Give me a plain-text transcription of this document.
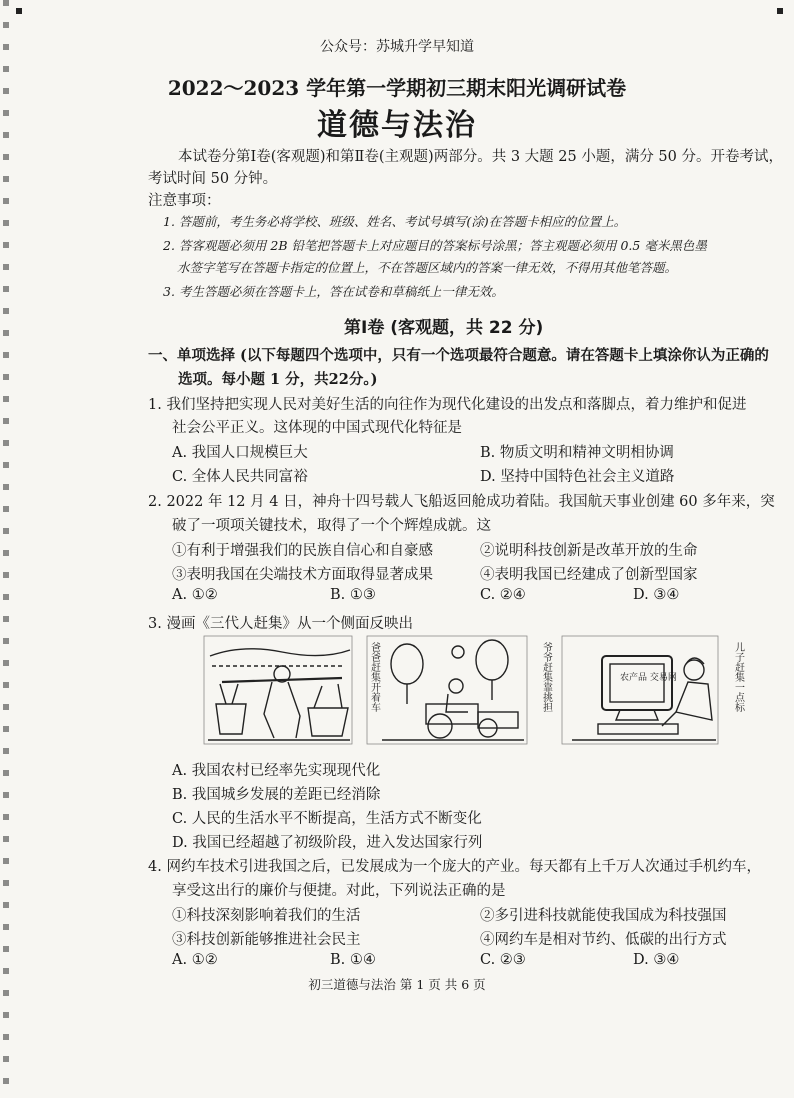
公众号：苏城升学早知道
2022～2023 学年第一学期初三期末阳光调研试卷
道德与法治
本试卷分第Ⅰ卷(客观题)和第Ⅱ卷(主观题)两部分。共 3 大题 25 小题，满分 50 分。开卷考试，
考试时间 50 分钟。
注意事项：
1. 答题前，考生务必将学校、班级、姓名、考试号填写(涂)在答题卡相应的位置上。
2. 答客观题必须用 2B 铅笔把答题卡上对应题目的答案标号涂黑；答主观题必须用 0.5 毫米黑色墨
水签字笔写在答题卡指定的位置上，不在答题区域内的答案一律无效，不得用其他笔答题。
3. 考生答题必须在答题卡上，答在试卷和草稿纸上一律无效。
第Ⅰ卷 (客观题，共 22 分)
一、单项选择 (以下每题四个选项中，只有一个选项最符合题意。请在答题卡上填涂你认为正确的
选项。每小题 1 分，共22分。)
1. 我们坚持把实现人民对美好生活的向往作为现代化建设的出发点和落脚点，着力维护和促进
社会公平正义。这体现的中国式现代化特征是
A. 我国人口规模巨大	B. 物质文明和精神文明相协调
C. 全体人民共同富裕	D. 坚持中国特色社会主义道路
2. 2022 年 12 月 4 日，神舟十四号载人飞船返回舱成功着陆。我国航天事业创建 60 多年来，突
破了一项项关键技术，取得了一个个辉煌成就。这
①有利于增强我们的民族自信心和自豪感	②说明科技创新是改革开放的生命
③表明我国在尖端技术方面取得显著成果	④表明我国已经建成了创新型国家
A. ①②	B. ①③	C. ②④	D. ③④
3. 漫画《三代人赶集》从一个侧面反映出
农产品 交易网
爸爸赶集开着车	爷爷赶集靠挑担	儿子赶集一点标
A. 我国农村已经率先实现现代化
B. 我国城乡发展的差距已经消除
C. 人民的生活水平不断提高，生活方式不断变化
D. 我国已经超越了初级阶段，进入发达国家行列
4. 网约车技术引进我国之后，已发展成为一个庞大的产业。每天都有上千万人次通过手机约车，
享受这出行的廉价与便捷。对此，下列说法正确的是
①科技深刻影响着我们的生活	②多引进科技就能使我国成为科技强国
③科技创新能够推进社会民主	④网约车是相对节约、低碳的出行方式
A. ①②	B. ①④	C. ②③	D. ③④
初三道德与法治 第 1 页 共 6 页
